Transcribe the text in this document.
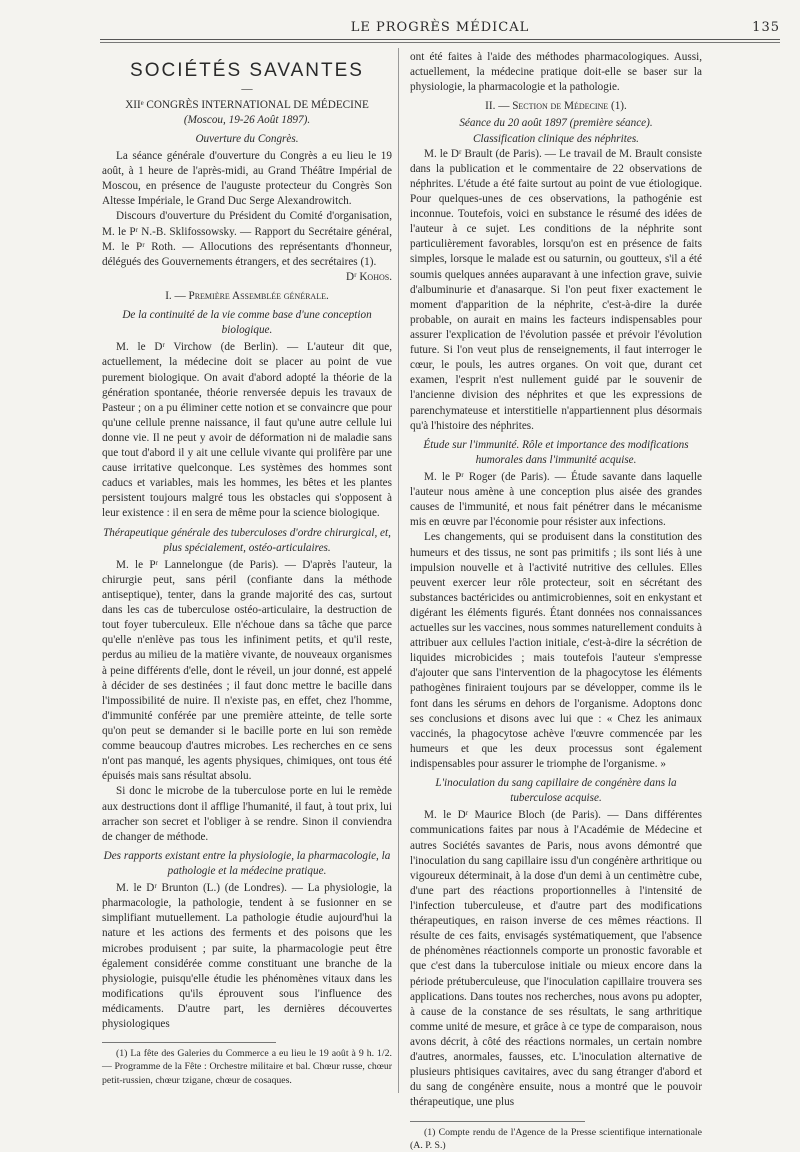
LE PROGRÈS MÉDICAL	135
SOCIÉTÉS SAVANTES
—
XIIᵉ CONGRÈS INTERNATIONAL DE MÉDECINE
(Moscou, 19-26 Août 1897).
Ouverture du Congrès.

La séance générale d'ouverture du Congrès a eu lieu le 19 août, à 1 heure de l'après-midi, au Grand Théâtre Impérial de Moscou, en présence de l'auguste protecteur du Congrès Son Altesse Impériale, le Grand Duc Serge Alexandrowitch.

Discours d'ouverture du Président du Comité d'organisation, M. le Pʳ N.-B. Sklifossowsky. — Rapport du Secrétaire général, M. le Pʳ Roth. — Allocutions des représentants d'honneur, délégués des Gouvernements étrangers, et des secrétaires (1).

Dʳ Kohos.
I. — Première Assemblée générale.
De la continuité de la vie comme base d'une conception biologique.

M. le Dʳ Virchow (de Berlin). — L'auteur dit que, actuellement, la médecine doit se placer au point de vue purement biologique. On avait d'abord adopté la théorie de la génération spontanée, théorie renversée depuis les travaux de Pasteur ; on a pu éliminer cette notion et se convaincre que pour qu'une cellule prenne naissance, il faut qu'une autre cellule lui donne vie. Il ne peut y avoir de déformation ni de maladie sans que tout d'abord il y ait une cellule vivante qui prolifère par une cause irritative quelconque. Les systèmes des hommes sont caducs et variables, mais les hommes, les bêtes et les plantes persistent toujours malgré tous les obstacles qui s'opposent à leur existence : il en sera de même pour la science biologique.

Thérapeutique générale des tuberculoses d'ordre chirurgical, et, plus spécialement, ostéo-articulaires.

M. le Pʳ Lannelongue (de Paris). — D'après l'auteur, la chirurgie peut, sans péril (confiante dans la méthode antiseptique), tenter, dans la grande majorité des cas, surtout dans les cas de tuberculose ostéo-articulaire, la destruction de tout foyer tuberculeux. Elle n'échoue dans sa tâche que parce qu'elle n'enlève pas tous les infiniment petits, et qu'il reste, perdus au milieu de la matière vivante, de nouveaux organismes à peine différents d'elle, dont le réveil, un jour donné, est appelé à décider de ses destinées ; il faut donc mettre le bacille dans l'impossibilité de nuire. Il n'existe pas, en effet, chez l'homme, d'immunité conférée par une première atteinte, de telle sorte qu'on peut se demander si le bacille porte en lui son remède comme beaucoup d'autres microbes. Les recherches en ce sens n'ont pas manqué, les agents physiques, chimiques, ont tous été épuisés mais sans résultat absolu.

Si donc le microbe de la tuberculose porte en lui le remède aux destructions dont il afflige l'humanité, il faut, à tout prix, lui arracher son secret et l'obliger à se rendre. Sinon il conviendra de changer de méthode.

Des rapports existant entre la physiologie, la pharmacologie, la pathologie et la médecine pratique.

M. le Dʳ Brunton (L.) (de Londres). — La physiologie, la pharmacologie, la pathologie, tendent à se fusionner en se simplifiant mutuellement. La pathologie étudie aujourd'hui la nature et les actions des ferments et des poisons que les microbes produisent ; par suite, la pharmacologie peut être également considérée comme constituant une branche de la physiologie, puisqu'elle étudie les phénomènes vitaux dans les modifications qu'ils éprouvent sous l'influence des médicaments. D'autre part, les dernières découvertes physiologiques

(1) La fête des Galeries du Commerce a eu lieu le 19 août à 9 h. 1/2. — Programme de la Fête : Orchestre militaire et bal. Chœur russe, chœur petit-russien, chœur tzigane, chœur de cosaques.

ont été faites à l'aide des méthodes pharmacologiques. Aussi, actuellement, la médecine pratique doit-elle se baser sur la physiologie, la pharmacologie et la pathologie.

II. — Section de Médecine (1).
Séance du 20 août 1897 (première séance).
Classification clinique des néphrites.

M. le Dʳ Brault (de Paris). — Le travail de M. Brault consiste dans la publication et le commentaire de 22 observations de néphrites. L'étude a été faite surtout au point de vue étiologique. Pour quelques-unes de ces observations, la pathogénie est inconnue. Toutefois, voici en substance le résumé des idées de l'auteur à ce sujet. Les conditions de la néphrite sont particulièrement favorables, lorsqu'on est en présence de faits simples, lorsque le malade est ou saturnin, ou goutteux, s'il a été soumis quelques années auparavant à une infection grave, suivie d'albuminurie et d'anasarque. Si l'on peut fixer exactement le moment d'apparition de la néphrite, c'est-à-dire la durée probable, on aurait en mains les facteurs indispensables pour assurer l'explication de l'évolution passée et prévoir l'évolution future. Si l'on veut plus de renseignements, il faut interroger le cœur, le pouls, les autres organes. On voit que, durant cet examen, l'esprit n'est nullement guidé par le souvenir de l'ancienne division des néphrites et que les expressions de parenchymateuse et interstitielle n'appartiennent plus désormais qu'à l'histoire des néphrites.

Étude sur l'immunité. Rôle et importance des modifications humorales dans l'immunité acquise.

M. le Pʳ Roger (de Paris). — Étude savante dans laquelle l'auteur nous amène à une conception plus aisée des grandes causes de l'immunité, et nous fait pénétrer dans le mécanisme mis en œuvre par l'économie pour résister aux infections.

Les changements, qui se produisent dans la constitution des humeurs et des tissus, ne sont pas primitifs ; ils sont liés à une impulsion nouvelle et à l'activité nutritive des cellules. Elles peuvent exercer leur rôle protecteur, soit en sécrétant des substances bactéricides ou antimicrobiennes, soit en enkystant et digérant les éléments figurés. Étant données nos connaissances actuelles sur les vaccines, nous sommes naturellement conduits à attribuer aux cellules l'action initiale, c'est-à-dire la sécrétion de liquides microbicides ; mais toutefois l'auteur s'empresse d'ajouter que sans l'intervention de la phagocytose les éléments pathogènes finiraient toujours par se développer, comme ils le font dans les sérums en dehors de l'organisme. Adoptons donc ses conclusions et disons avec lui que : « Chez les animaux vaccinés, la phagocytose achève l'œuvre commencée par les humeurs et que les deux processus sont également indispensables pour assurer le triomphe de l'organisme. »

L'inoculation du sang capillaire de congénère dans la tuberculose acquise.

M. le Dʳ Maurice Bloch (de Paris). — Dans différentes communications faites par nous à l'Académie de Médecine et autres Sociétés savantes de Paris, nous avons démontré que l'inoculation du sang capillaire issu d'un congénère arthritique ou vigoureux déterminait, à la dose d'un demi à un centimètre cube, d'une part des réactions proportionnelles à l'intensité de l'infection tuberculeuse, et d'autre part des modifications thérapeutiques, en raison inverse de ces mêmes réactions. Il résulte de ces faits, envisagés systématiquement, que l'absence de phénomènes réactionnels comporte un pronostic favorable et que c'est dans la tuberculose initiale ou mieux encore dans la période prétuberculeuse, que l'inoculation capillaire trouvera ses applications. Dans toutes nos recherches, nous avons pu adopter, à cause de la constance de ses résultats, le sang arthritique comme unité de mesure, et grâce à ce type de comparaison, nous avons décrit, à côté des réactions normales, un certain nombre d'autres, anormales, fausses, etc. L'inoculation alternative de plusieurs phtisiques cavitaires, avec du sang étranger d'abord et du sang de congénère ensuite, nous a montré que le pouvoir thérapeutique, une plus

(1) Compte rendu de l'Agence de la Presse scientifique internationale (A. P. S.)
